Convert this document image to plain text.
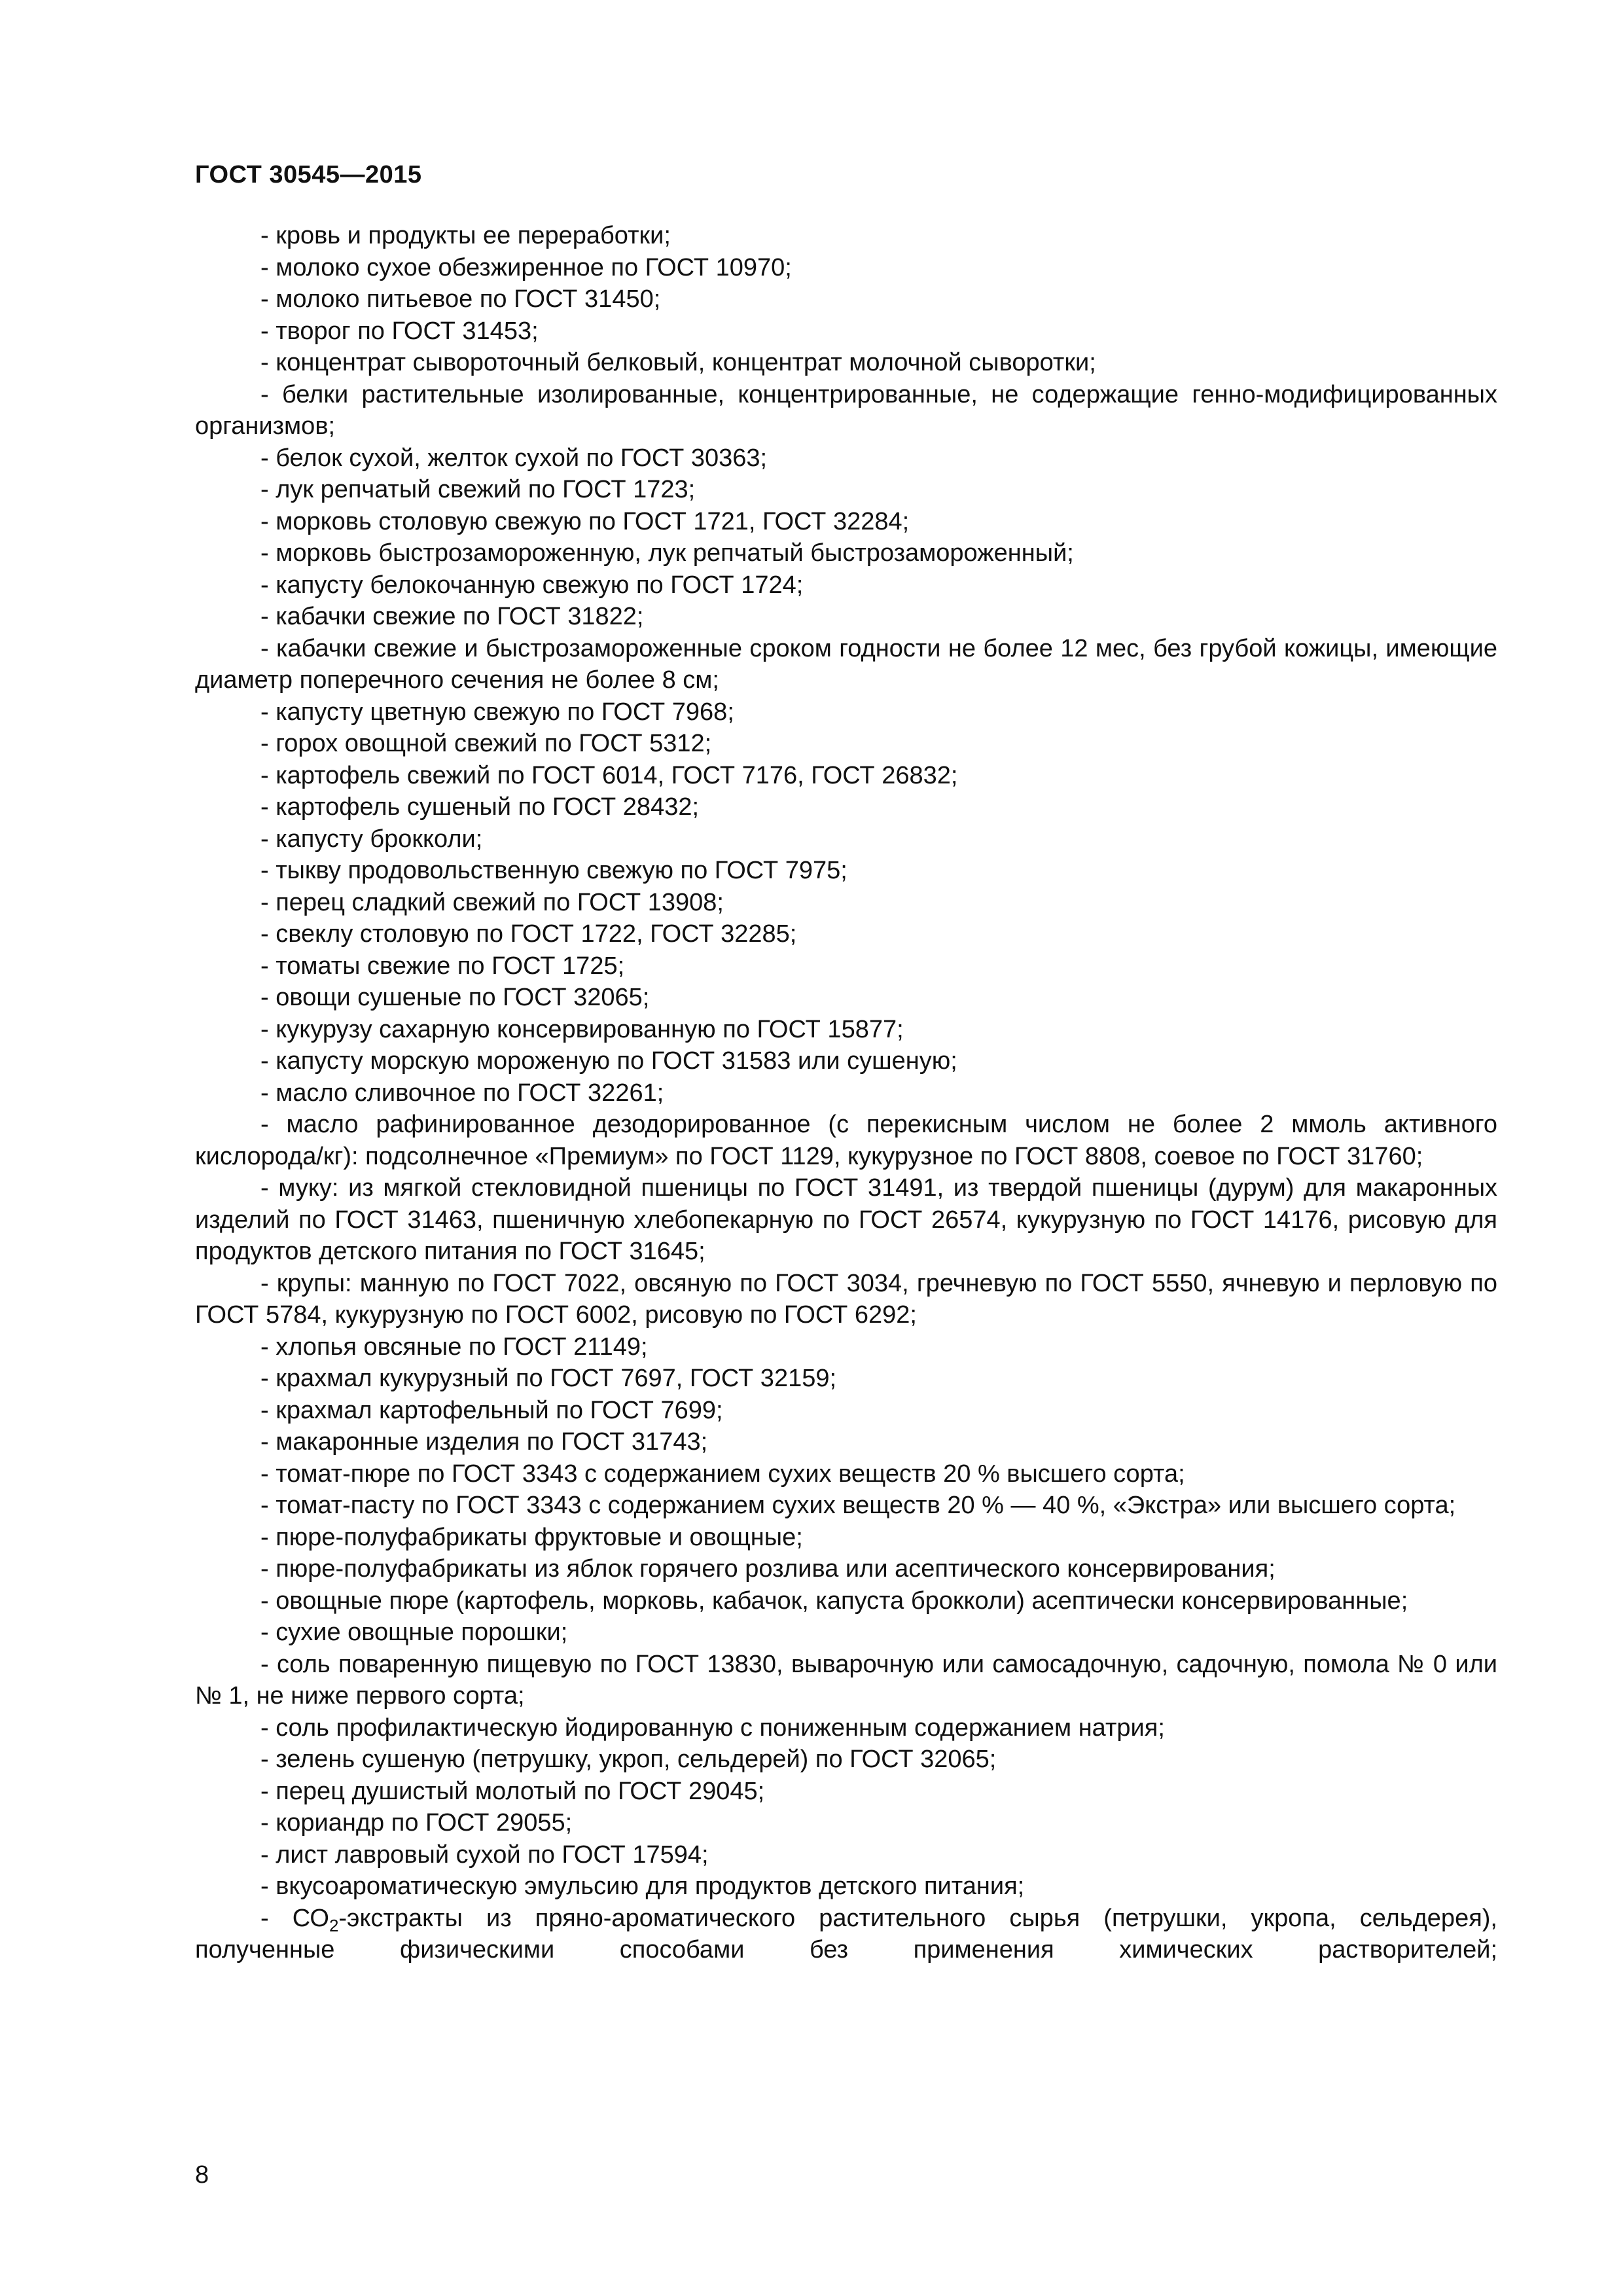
ГОСТ 30545—2015
- кровь и продукты ее переработки;
- молоко сухое обезжиренное по ГОСТ 10970;
- молоко питьевое по ГОСТ 31450;
- творог по ГОСТ 31453;
- концентрат сывороточный белковый, концентрат молочной сыворотки;
- белки растительные изолированные, концентрированные, не содержащие генно-модифицированных организмов;
- белок сухой, желток сухой по ГОСТ 30363;
- лук репчатый свежий по ГОСТ 1723;
- морковь столовую свежую по ГОСТ 1721, ГОСТ 32284;
- морковь быстрозамороженную, лук репчатый быстрозамороженный;
- капусту белокочанную свежую по ГОСТ 1724;
- кабачки свежие по ГОСТ 31822;
- кабачки свежие и быстрозамороженные сроком годности не более 12 мес, без грубой кожицы, имеющие диаметр поперечного сечения не более 8 см;
- капусту цветную свежую по ГОСТ 7968;
- горох овощной свежий по ГОСТ 5312;
- картофель свежий по ГОСТ 6014, ГОСТ 7176, ГОСТ 26832;
- картофель сушеный по ГОСТ 28432;
- капусту брокколи;
- тыкву продовольственную свежую по ГОСТ 7975;
- перец сладкий свежий по ГОСТ 13908;
- свеклу столовую по ГОСТ 1722, ГОСТ 32285;
- томаты свежие по ГОСТ 1725;
- овощи сушеные по ГОСТ 32065;
- кукурузу сахарную консервированную по ГОСТ 15877;
- капусту морскую мороженую по ГОСТ 31583 или сушеную;
- масло сливочное по ГОСТ 32261;
- масло рафинированное дезодорированное (с перекисным числом не более 2 ммоль активного кислорода/кг): подсолнечное «Премиум» по ГОСТ 1129, кукурузное по ГОСТ 8808, соевое по ГОСТ 31760;
- муку: из мягкой стекловидной пшеницы по ГОСТ 31491, из твердой пшеницы (дурум) для макаронных изделий по ГОСТ 31463, пшеничную хлебопекарную по ГОСТ 26574, кукурузную по ГОСТ 14176, рисовую для продуктов детского питания по ГОСТ 31645;
- крупы: манную по ГОСТ 7022, овсяную по ГОСТ 3034, гречневую по ГОСТ 5550, ячневую и перловую по ГОСТ 5784, кукурузную по ГОСТ 6002, рисовую по ГОСТ 6292;
- хлопья овсяные по ГОСТ 21149;
- крахмал кукурузный по ГОСТ 7697, ГОСТ 32159;
- крахмал картофельный по ГОСТ 7699;
- макаронные изделия по ГОСТ 31743;
- томат-пюре по ГОСТ 3343 с содержанием сухих веществ 20 % высшего сорта;
- томат-пасту по ГОСТ 3343 с содержанием сухих веществ 20 % — 40 %, «Экстра» или высшего сорта;
- пюре-полуфабрикаты фруктовые и овощные;
- пюре-полуфабрикаты из яблок горячего розлива или асептического консервирования;
- овощные пюре (картофель, морковь, кабачок, капуста брокколи) асептически консервированные;
- сухие овощные порошки;
- соль поваренную пищевую по ГОСТ 13830, выварочную или самосадочную, садочную, помола № 0 или № 1, не ниже первого сорта;
- соль профилактическую йодированную с пониженным содержанием натрия;
- зелень сушеную (петрушку, укроп, сельдерей) по ГОСТ 32065;
- перец душистый молотый по ГОСТ 29045;
- кориандр по ГОСТ 29055;
- лист лавровый сухой по ГОСТ 17594;
- вкусоароматическую эмульсию для продуктов детского питания;
- $СО_2$-экстракты из пряно-ароматического растительного сырья (петрушки, укропа, сельдерея), полученные физическими способами без применения химических растворителей;

8
